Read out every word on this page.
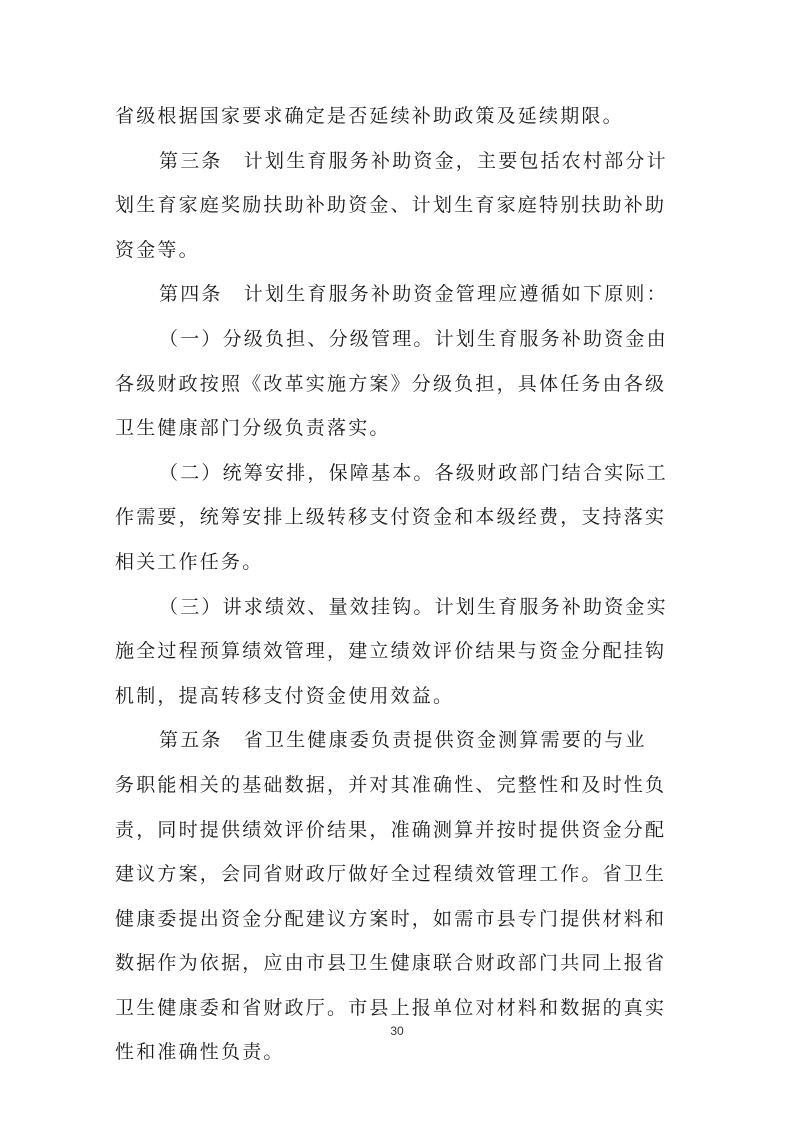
省级根据国家要求确定是否延续补助政策及延续期限。
第三条　计划生育服务补助资金，主要包括农村部分计
划生育家庭奖励扶助补助资金、计划生育家庭特别扶助补助
资金等。
第四条　计划生育服务补助资金管理应遵循如下原则：
（一）分级负担、分级管理。计划生育服务补助资金由
各级财政按照《改革实施方案》分级负担，具体任务由各级
卫生健康部门分级负责落实。
（二）统筹安排，保障基本。各级财政部门结合实际工
作需要，统筹安排上级转移支付资金和本级经费，支持落实
相关工作任务。
（三）讲求绩效、量效挂钩。计划生育服务补助资金实
施全过程预算绩效管理，建立绩效评价结果与资金分配挂钩
机制，提高转移支付资金使用效益。
第五条　省卫生健康委负责提供资金测算需要的与业
务职能相关的基础数据，并对其准确性、完整性和及时性负
责，同时提供绩效评价结果，准确测算并按时提供资金分配
建议方案，会同省财政厅做好全过程绩效管理工作。省卫生
健康委提出资金分配建议方案时，如需市县专门提供材料和
数据作为依据，应由市县卫生健康联合财政部门共同上报省
卫生健康委和省财政厅。市县上报单位对材料和数据的真实
性和准确性负责。
30
